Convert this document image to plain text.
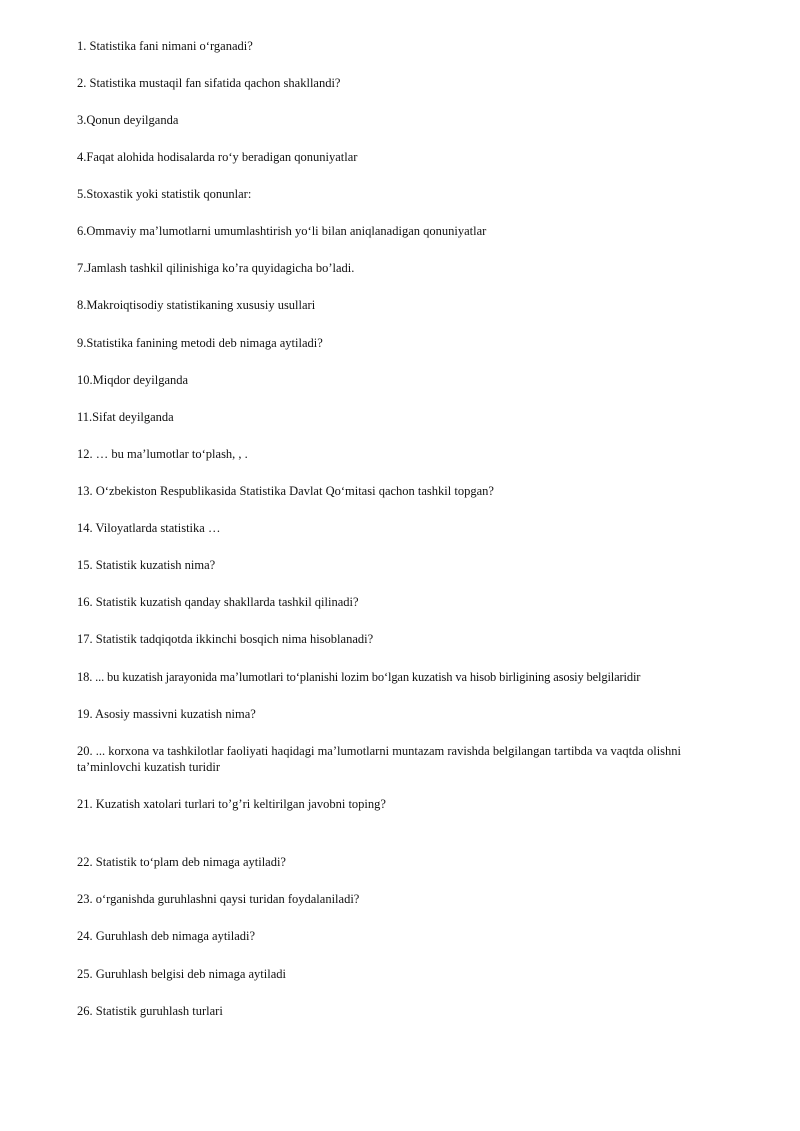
1. Statistika fani nimani o‘rganadi?
2. Statistika mustaqil fan sifatida qachon shakllandi?
3.Qonun deyilganda
4.Faqat alohida hodisalarda ro‘y beradigan qonuniyatlar
5.Stoxastik yoki statistik qonunlar:
6.Ommaviy ma’lumotlarni umumlashtirish yo‘li bilan aniqlanadigan qonuniyatlar
7.Jamlash tashkil qilinishiga ko’ra quyidagicha bo’ladi.
8.Makroiqtisodiy statistikaning xususiy usullari
9.Statistika fanining metodi deb nimaga aytiladi?
10.Miqdor deyilganda
11.Sifat deyilganda
12. … bu ma’lumotlar to‘plash, , .
13. O‘zbekiston Respublikasida Statistika Davlat Qo‘mitasi qachon tashkil topgan?
14. Viloyatlarda statistika …
15. Statistik kuzatish nima?
16. Statistik kuzatish qanday shakllarda tashkil qilinadi?
17. Statistik tadqiqotda ikkinchi bosqich nima hisoblanadi?
18. ... bu kuzatish jarayonida ma’lumotlari to‘planishi lozim bo‘lgan kuzatish va hisob birligining asosiy belgilaridir
19. Asosiy massivni kuzatish nima?
20. ... korxona va tashkilotlar faoliyati haqidagi ma’lumotlarni muntazam ravishda belgilangan tartibda va vaqtda olishni ta’minlovchi kuzatish turidir
21. Kuzatish xatolari turlari to’g’ri keltirilgan javobni toping?
22. Statistik to‘plam deb nimaga aytiladi?
23. o‘rganishda guruhlashni qaysi turidan foydalaniladi?
24. Guruhlash deb nimaga aytiladi?
25. Guruhlash belgisi deb nimaga aytiladi
26. Statistik guruhlash turlari
